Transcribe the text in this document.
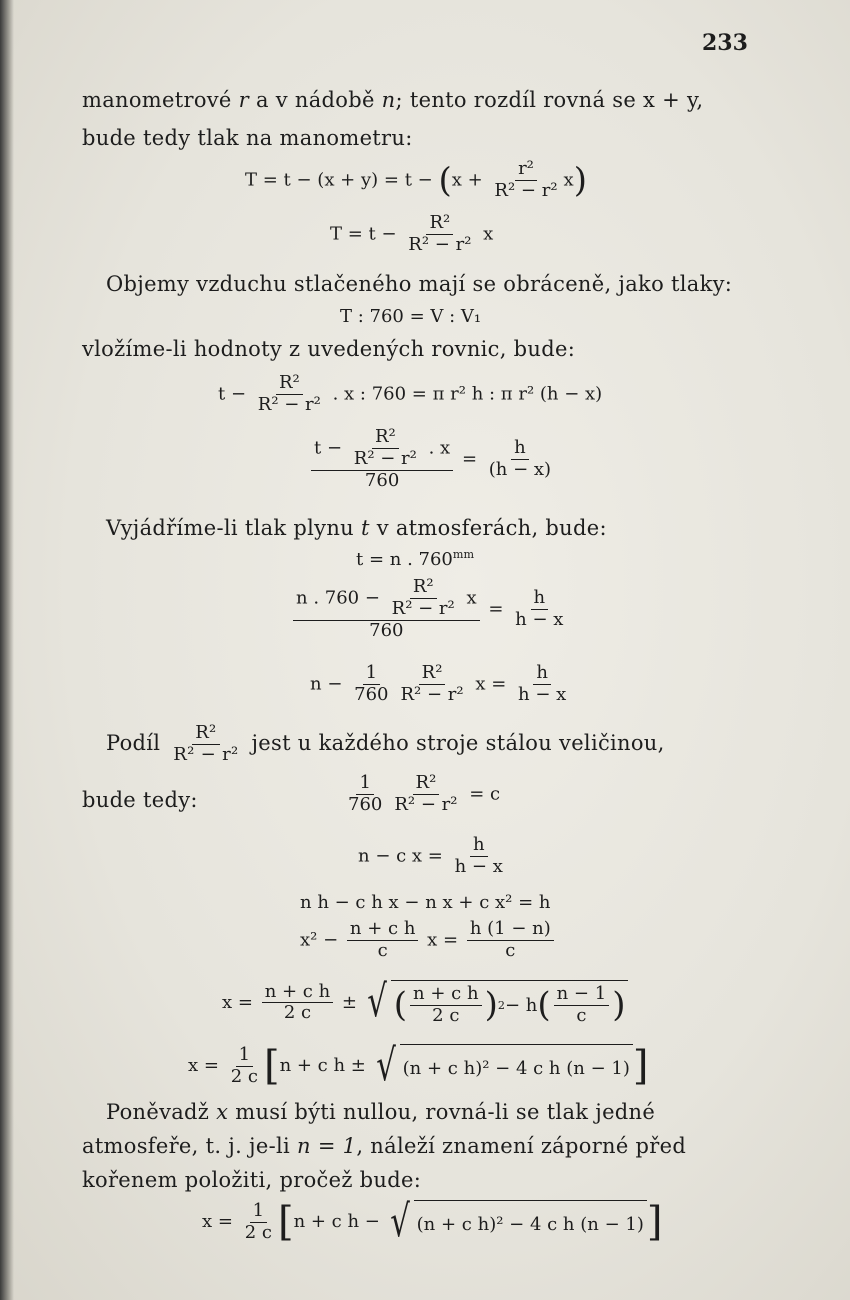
233
manometrové r a v nádobě n; tento rozdíl rovná se x + y,
bude tedy tlak na manometru:
$T = t - (x + y) = t - (x + \frac{\text{r²}}{\text{R² − r²}} x)$
$T = t - \frac{\text{R²}}{\text{R² − r²}}$ x
Objemy vzduchu stlačeného mají se obráceně, jako tlaky:
T : 760 = V : V₁
vložíme-li hodnoty z uvedených rovnic, bude:
$t - \frac{\text{R²}}{\text{R² − r²}}$ . x : 760 = π r² h : π r² (h − x)
$\frac{t - \frac{\text{R²}}{\text{R² − r²}} . x}{760} = \frac{h}{(h - x)}$
Vyjádříme-li tlak plynu t v atmosferách, bude:
t = n . $760^{mm}$
$\frac{n . 760 - \frac{\text{R²}}{\text{R² − r²}} x}{760} = \frac{h}{h - x}$
$n - \frac{1}{760} \frac{\text{R²}}{\text{R² − r²}}$ $x = \frac{h}{h - x}$
Podíl $\frac{\text{R²}}{\text{R² − r²}}$ jest u každého stroje stálou veličinou,
bude tedy:	$\frac{1}{760} \frac{\text{R²}}{\text{R² − r²}} = c$
n − c $x = \frac{h}{h - x}$
n h − c h x − n x + c x² = h
$x^2 - \frac{\text{n + c h}}{c}$ $x = \frac{h (1 - n)}{c}$
$x = \frac{\text{n + c h}}{2 c}$ ± √ ( $\frac{\text{n + c h}}{2 c}$ ) 2 − h ( $\frac{n - 1}{c}$ )
$x = \frac{1}{2 c} [n + c$ h ± √ (n + c h)² − 4 c h (n − 1) ]
Poněvadž x musí býti nullou, rovná-li se tlak jedné
atmosfeře, t. j. je-li n = 1, náleží znamení záporné před
kořenem položiti, pročež bude:
$x = \frac{1}{2 c} [n + c$ h − √ (n + c h)² − 4 c h (n − 1) ]
